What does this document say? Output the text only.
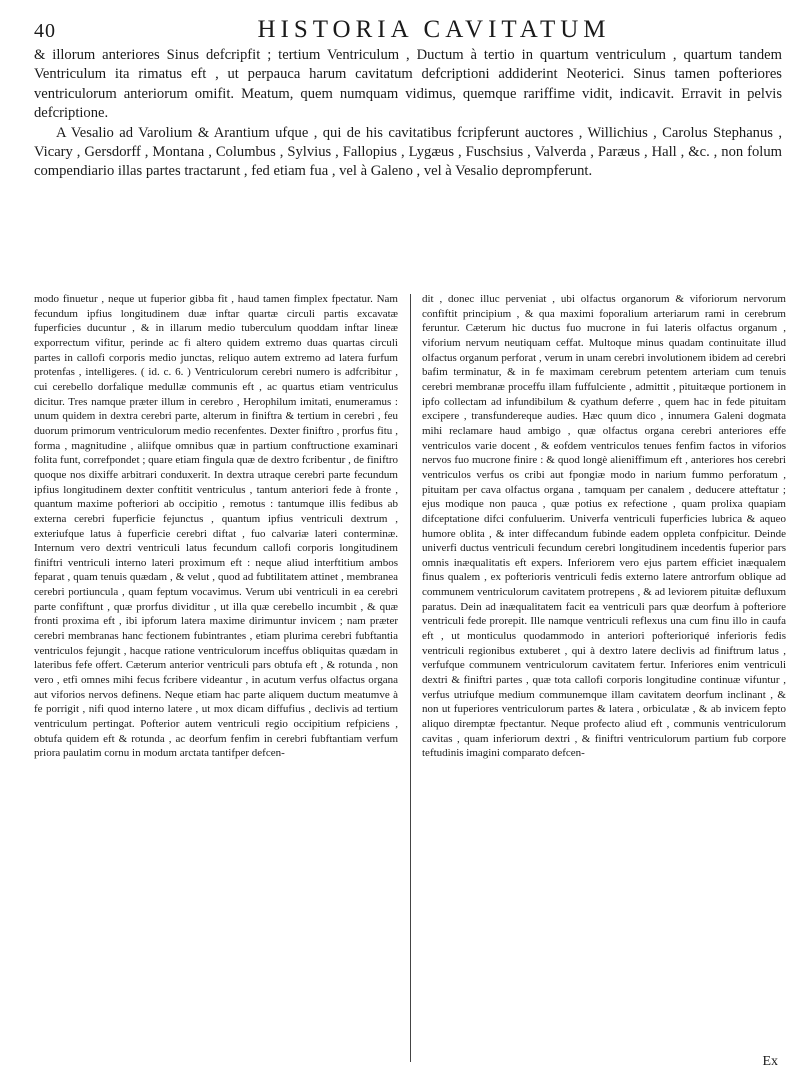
40	HISTORIA CAVITATUM

& illorum anteriores Sinus defcripfit ; tertium Ventriculum , Ductum à tertio in quartum ventriculum , quartum tandem Ventriculum ita rimatus eft , ut perpauca harum cavitatum defcriptioni addiderint Neoterici. Sinus tamen pofteriores ventriculorum anteriorum omifit. Meatum, quem numquam vidimus, quemque rariffime vidit, indicavit. Erravit in pelvis defcriptione.

A Vesalio ad Varolium & Arantium ufque , qui de his cavitatibus fcripferunt auctores , Willichius , Carolus Stephanus , Vicary , Gersdorff , Montana , Columbus , Sylvius , Fallopius , Lygæus , Fuschsius , Valverda , Paræus , Hall , &c. , non folum compendiario illas partes tractarunt , fed etiam fua , vel à Galeno , vel à Vesalio deprompferunt.

modo finuetur , neque ut fuperior gibba fit , haud tamen fimplex fpectatur. Nam fecundum ipfius longitudinem duæ inftar quartæ circuli partis excavatæ fuperficies ducuntur , & in illarum medio tuberculum quoddam inftar lineæ exporrectum vifitur, perinde ac fi altero quidem extremo duas quartas circuli partes in callofi corporis medio junctas, reliquo autem extremo ad latera furfum protenfas , intelligeres. ( id. c. 6. ) Ventriculorum cerebri numero is adfcribitur , cui cerebello dorfalique medullæ communis eft , ac quartus etiam ventriculus dicitur. Tres namque præter illum in cerebro , Herophilum imitati, enumeramus : unum quidem in dextra cerebri parte, alterum in finiftra & tertium in cerebri , feu duorum primorum ventriculorum medio recenfentes. Dexter finiftro , prorfus fitu , forma , magnitudine , aliifque omnibus quæ in partium conftructione examinari folita funt, correfpondet ; quare etiam fingula quæ de dextro fcribentur , de finiftro quoque nos dixiffe arbitrari conduxerit. In dextra utraque cerebri parte fecundum ipfius longitudinem dexter conftitit ventriculus , tantum anteriori fede à fronte , quantum maxime pofteriori ab occipitio , remotus : tantumque illis fedibus ab externa cerebri fuperficie fejunctus , quantum ipfius ventriculi dextrum , exteriufque latus à fuperficie cerebri diftat , fuo calvariæ lateri conterminæ. Internum vero dextri ventriculi latus fecundum callofi corporis longitudinem finiftri ventriculi interno lateri proximum eft : neque aliud interftitium ambos feparat , quam tenuis quædam , & velut , quod ad fubtilitatem attinet , membranea cerebri portiuncula , quam feptum vocavimus. Verum ubi ventriculi in ea cerebri parte confiftunt , quæ prorfus dividitur , ut illa quæ cerebello incumbit , & quæ fronti proxima eft , ibi ipforum latera maxime dirimuntur invicem ; nam præter cerebri membranas hanc fectionem fubintrantes , etiam plurima cerebri fubftantia ventriculos fejungit , hacque ratione ventriculorum inceffus obliquitas quædam in lateribus fefe offert. Cæterum anterior ventriculi pars obtufa eft , & rotunda , non vero , etfi omnes mihi fecus fcribere videantur , in acutum verfus olfactus organa aut viforios nervos definens. Neque etiam hac parte aliquem ductum meatumve à fe porrigit , nifi quod interno latere , ut mox dicam diffufius , declivis ad tertium ventriculum pertingat. Pofterior autem ventriculi regio occipitium refpiciens , obtufa quidem eft & rotunda , ac deorfum fenfim in cerebri fubftantiam verfum priora paulatim cornu in modum arctata tantifper defcen-

dit , donec illuc perveniat , ubi olfactus organorum & viforiorum nervorum confiftit principium , & qua maximi foporalium arteriarum rami in cerebrum feruntur. Cæterum hic ductus fuo mucrone in fui lateris olfactus organum , viforium nervum neutiquam ceffat. Multoque minus quadam continuitate illud olfactus organum perforat , verum in unam cerebri involutionem ibidem ad cerebri bafim terminatur, & in fe maximam cerebrum petentem arteriam cum tenuis cerebri membranæ proceffu illam fuffulciente , admittit , pituitæque portionem in ipfo collectam ad infundibilum & cyathum deferre , quem hac in fede pituitam excipere , transfundereque audies. Hæc quum dico , innumera Galeni dogmata mihi reclamare haud ambigo , quæ olfactus organa cerebri anteriores effe ventriculos varie docent , & eofdem ventriculos tenues fenfim factos in viforios nervos fuo mucrone finire : & quod longè alieniffimum eft , anteriores hos cerebri ventriculos verfus os cribi aut fpongiæ modo in narium fummo perforatum , pituitam per cava olfactus organa , tamquam per canalem , deducere atteftatur ; ejus modique non pauca , quæ potius ex refectione , quam prolixa quapiam difceptatione difci confuluerim. Univerfa ventriculi fuperficies lubrica & aqueo humore oblita , & inter diffecandum fubinde eadem oppleta confpicitur. Deinde univerfi ductus ventriculi fecundum cerebri longitudinem incedentis fuperior pars omnis inæqualitatis eft expers. Inferiorem vero ejus partem efficiet inæqualem finus qualem , ex pofterioris ventriculi fedis externo latere antrorfum oblique ad communem ventriculorum cavitatem protrepens , & ad leviorem pituitæ defluxum paratus. Dein ad inæqualitatem facit ea ventriculi pars quæ deorfum à pofteriore ventriculi fede prorepit. Ille namque ventriculi reflexus una cum finu illo in caufa eft , ut monticulus quodammodo in anteriori pofterioriqué inferioris fedis ventriculi regionibus extuberet , qui à dextro latere declivis ad finiftrum latus , verfufque communem ventriculorum cavitatem fertur. Inferiores enim ventriculi dextri & finiftri partes , quæ tota callofi corporis longitudine continuæ vifuntur , verfus utriufque medium communemque illam cavitatem deorfum inclinant , & non ut fuperiores ventriculorum partes & latera , orbiculatæ , & ab invicem fepto aliquo diremptæ fpectantur. Neque profecto aliud eft , communis ventriculorum cavitas , quam inferiorum dextri , & finiftri ventriculorum partium fub corpore teftudinis imagini comparato defcen-

Ex
